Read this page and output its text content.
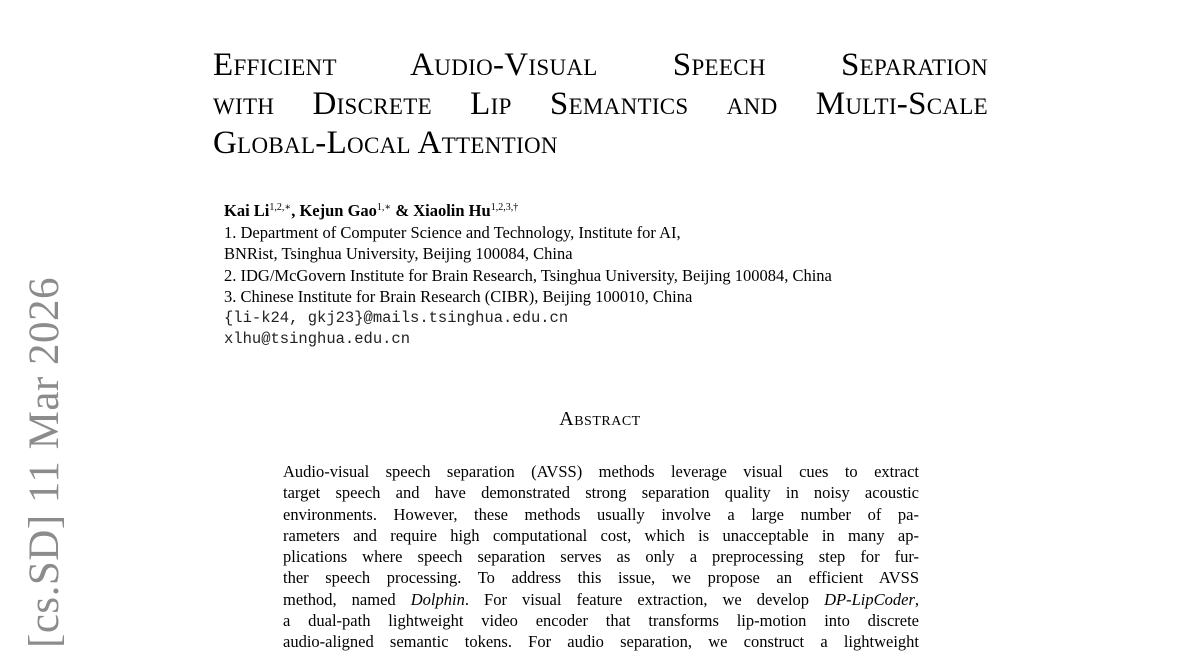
[cs.SD] 11 Mar 2026
Efficient Audio-Visual Speech Separation
with Discrete Lip Semantics and Multi-Scale
Global-Local Attention
Kai $Li^{1,2,∗}$, Kejun Gao$^{1,∗}$ & Xiaolin $Hu^{1,2,3,\dagger}$
1. Department of Computer Science and Technology, Institute for AI,
BNRist, Tsinghua University, Beijing 100084, China
2. IDG/McGovern Institute for Brain Research, Tsinghua University, Beijing 100084, China
3. Chinese Institute for Brain Research (CIBR), Beijing 100010, China
{li-k24, gkj23}@mails.tsinghua.edu.cn
xlhu@tsinghua.edu.cn
Abstract
Audio-visual speech separation (AVSS) methods leverage visual cues to extract
target speech and have demonstrated strong separation quality in noisy acoustic
environments. However, these methods usually involve a large number of pa-
rameters and require high computational cost, which is unacceptable in many ap-
plications where speech separation serves as only a preprocessing step for fur-
ther speech processing. To address this issue, we propose an efficient AVSS
method, named Dolphin. For visual feature extraction, we develop DP-LipCoder,
a dual-path lightweight video encoder that transforms lip-motion into discrete
audio-aligned semantic tokens. For audio separation, we construct a lightweight
